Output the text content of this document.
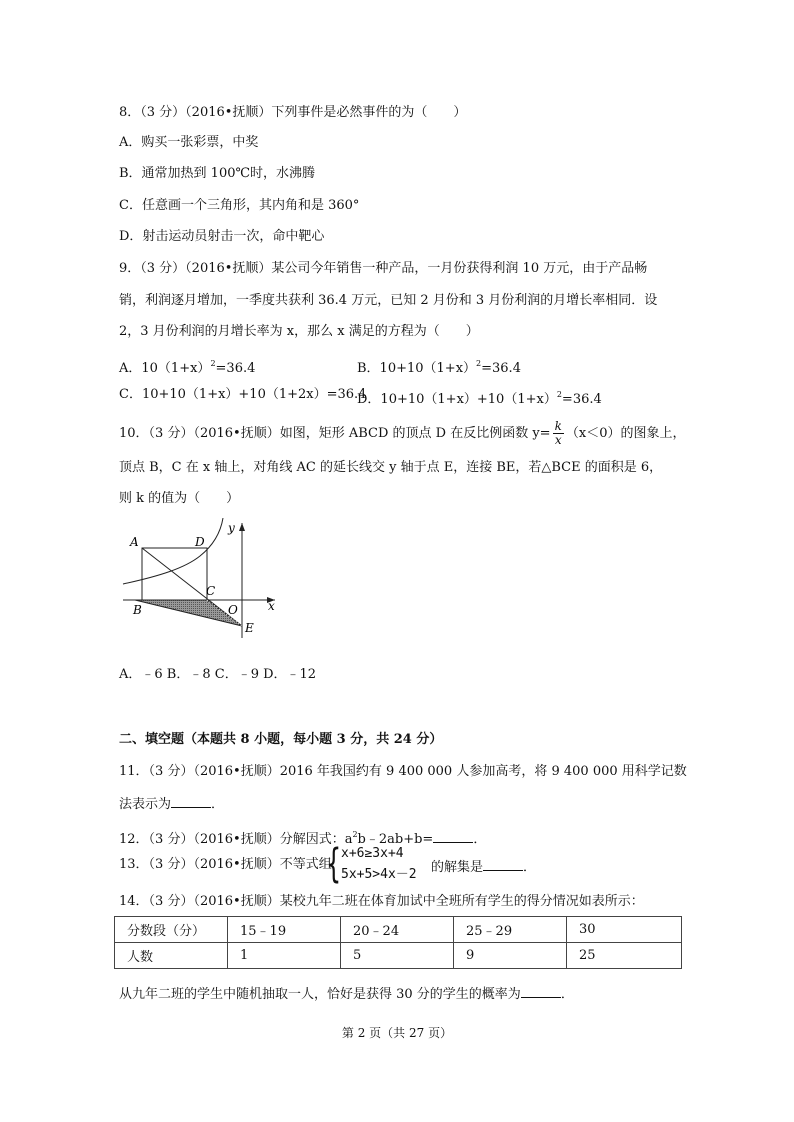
8．（3 分）（2016•抚顺）下列事件是必然事件的为（　　）
A．购买一张彩票，中奖
B．通常加热到 100℃时，水沸腾
C．任意画一个三角形，其内角和是 360°
D．射击运动员射击一次，命中靶心
9．（3 分）（2016•抚顺）某公司今年销售一种产品，一月份获得利润 10 万元，由于产品畅
销，利润逐月增加，一季度共获利 36.4 万元，已知 2 月份和 3 月份利润的月增长率相同．设
2，3 月份利润的月增长率为 x，那么 x 满足的方程为（　　）
A．$10(1+x)^2=36.4$	B．$10+10(1+x)^2=36.4$
C．10+10（1+x）+10（1+2x）=36.4
D．$10+10(1+x)+10(1+x)^2=36.4$
10．（3 分）（2016•抚顺）如图，矩形 ABCD 的顶点 D 在反比例函数 $y= \frac{k}{x} (x<0)$的图象上，
顶点 B，C 在 x 轴上，对角线 AC 的延长线交 y 轴于点 E，连接 BE，若△BCE 的面积是 6，
则 k 的值为（　　）
A	D
B
C
O
E
x
y
A．﹣6 B．﹣8 C．﹣9 D．﹣12
二、填空题（本题共 8 小题，每小题 3 分，共 24 分）
11．（3 分）（2016•抚顺）2016 年我国约有 9 400 000 人参加高考，将 9 400 000 用科学记数
法表示为	．
12．（3 分）（2016•抚顺）分解因式：$a^2b﹣2ab+b=$	．
13．（3 分）（2016•抚顺）不等式组
{ x+6≥3x+4
5x+5>4x－2 的解集是	．
14．（3 分）（2016•抚顺）某校九年二班在体育加试中全班所有学生的得分情况如表所示：
分数段（分）	15﹣19	20﹣24	25﹣29	30
人数	1	5	9	25
从九年二班的学生中随机抽取一人，恰好是获得 30 分的学生的概率为	．
第 2 页（共 27 页）
